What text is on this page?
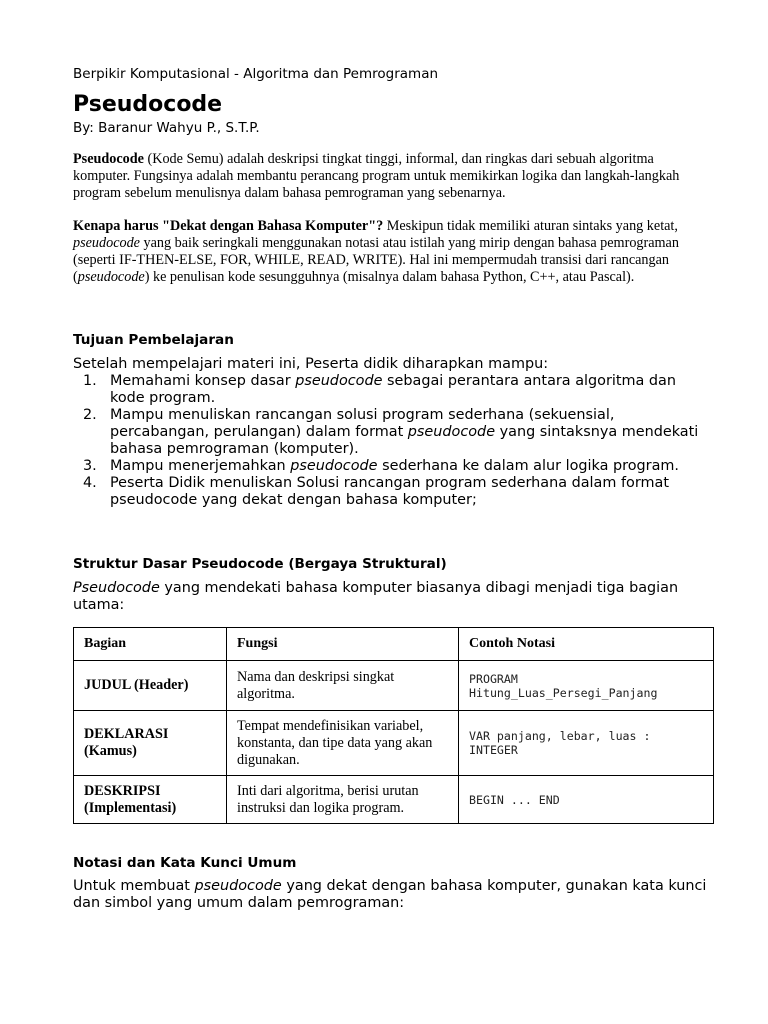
Berpikir Komputasional - Algoritma dan Pemrograman
Pseudocode
By: Baranur Wahyu P., S.T.P.

Pseudocode (Kode Semu) adalah deskripsi tingkat tinggi, informal, dan ringkas dari sebuah algoritma komputer. Fungsinya adalah membantu perancang program untuk memikirkan logika dan langkah-langkah program sebelum menulisnya dalam bahasa pemrograman yang sebenarnya.

Kenapa harus "Dekat dengan Bahasa Komputer"? Meskipun tidak memiliki aturan sintaks yang ketat, pseudocode yang baik seringkali menggunakan notasi atau istilah yang mirip dengan bahasa pemrograman (seperti IF-THEN-ELSE, FOR, WHILE, READ, WRITE). Hal ini mempermudah transisi dari rancangan (pseudocode) ke penulisan kode sesungguhnya (misalnya dalam bahasa Python, C++, atau Pascal).

Tujuan Pembelajaran

Setelah mempelajari materi ini, Peserta didik diharapkan mampu:

1. Memahami konsep dasar pseudocode sebagai perantara antara algoritma dan kode program.
2. Mampu menuliskan rancangan solusi program sederhana (sekuensial, percabangan, perulangan) dalam format pseudocode yang sintaksnya mendekati bahasa pemrograman (komputer).
3. Mampu menerjemahkan pseudocode sederhana ke dalam alur logika program.
4. Peserta Didik menuliskan Solusi rancangan program sederhana dalam format pseudocode yang dekat dengan bahasa komputer;
Struktur Dasar Pseudocode (Bergaya Struktural)

Pseudocode yang mendekati bahasa komputer biasanya dibagi menjadi tiga bagian utama:

Bagian	Fungsi	Contoh Notasi
JUDUL (Header)	Nama dan deskripsi singkat algoritma.	PROGRAM Hitung_Luas_Persegi_Panjang
DEKLARASI (Kamus)	Tempat mendefinisikan variabel, konstanta, dan tipe data yang akan digunakan.	VAR panjang, lebar, luas : INTEGER
DESKRIPSI (Implementasi)	Inti dari algoritma, berisi urutan instruksi dan logika program.	BEGIN ... END
Notasi dan Kata Kunci Umum

Untuk membuat pseudocode yang dekat dengan bahasa komputer, gunakan kata kunci dan simbol yang umum dalam pemrograman:
